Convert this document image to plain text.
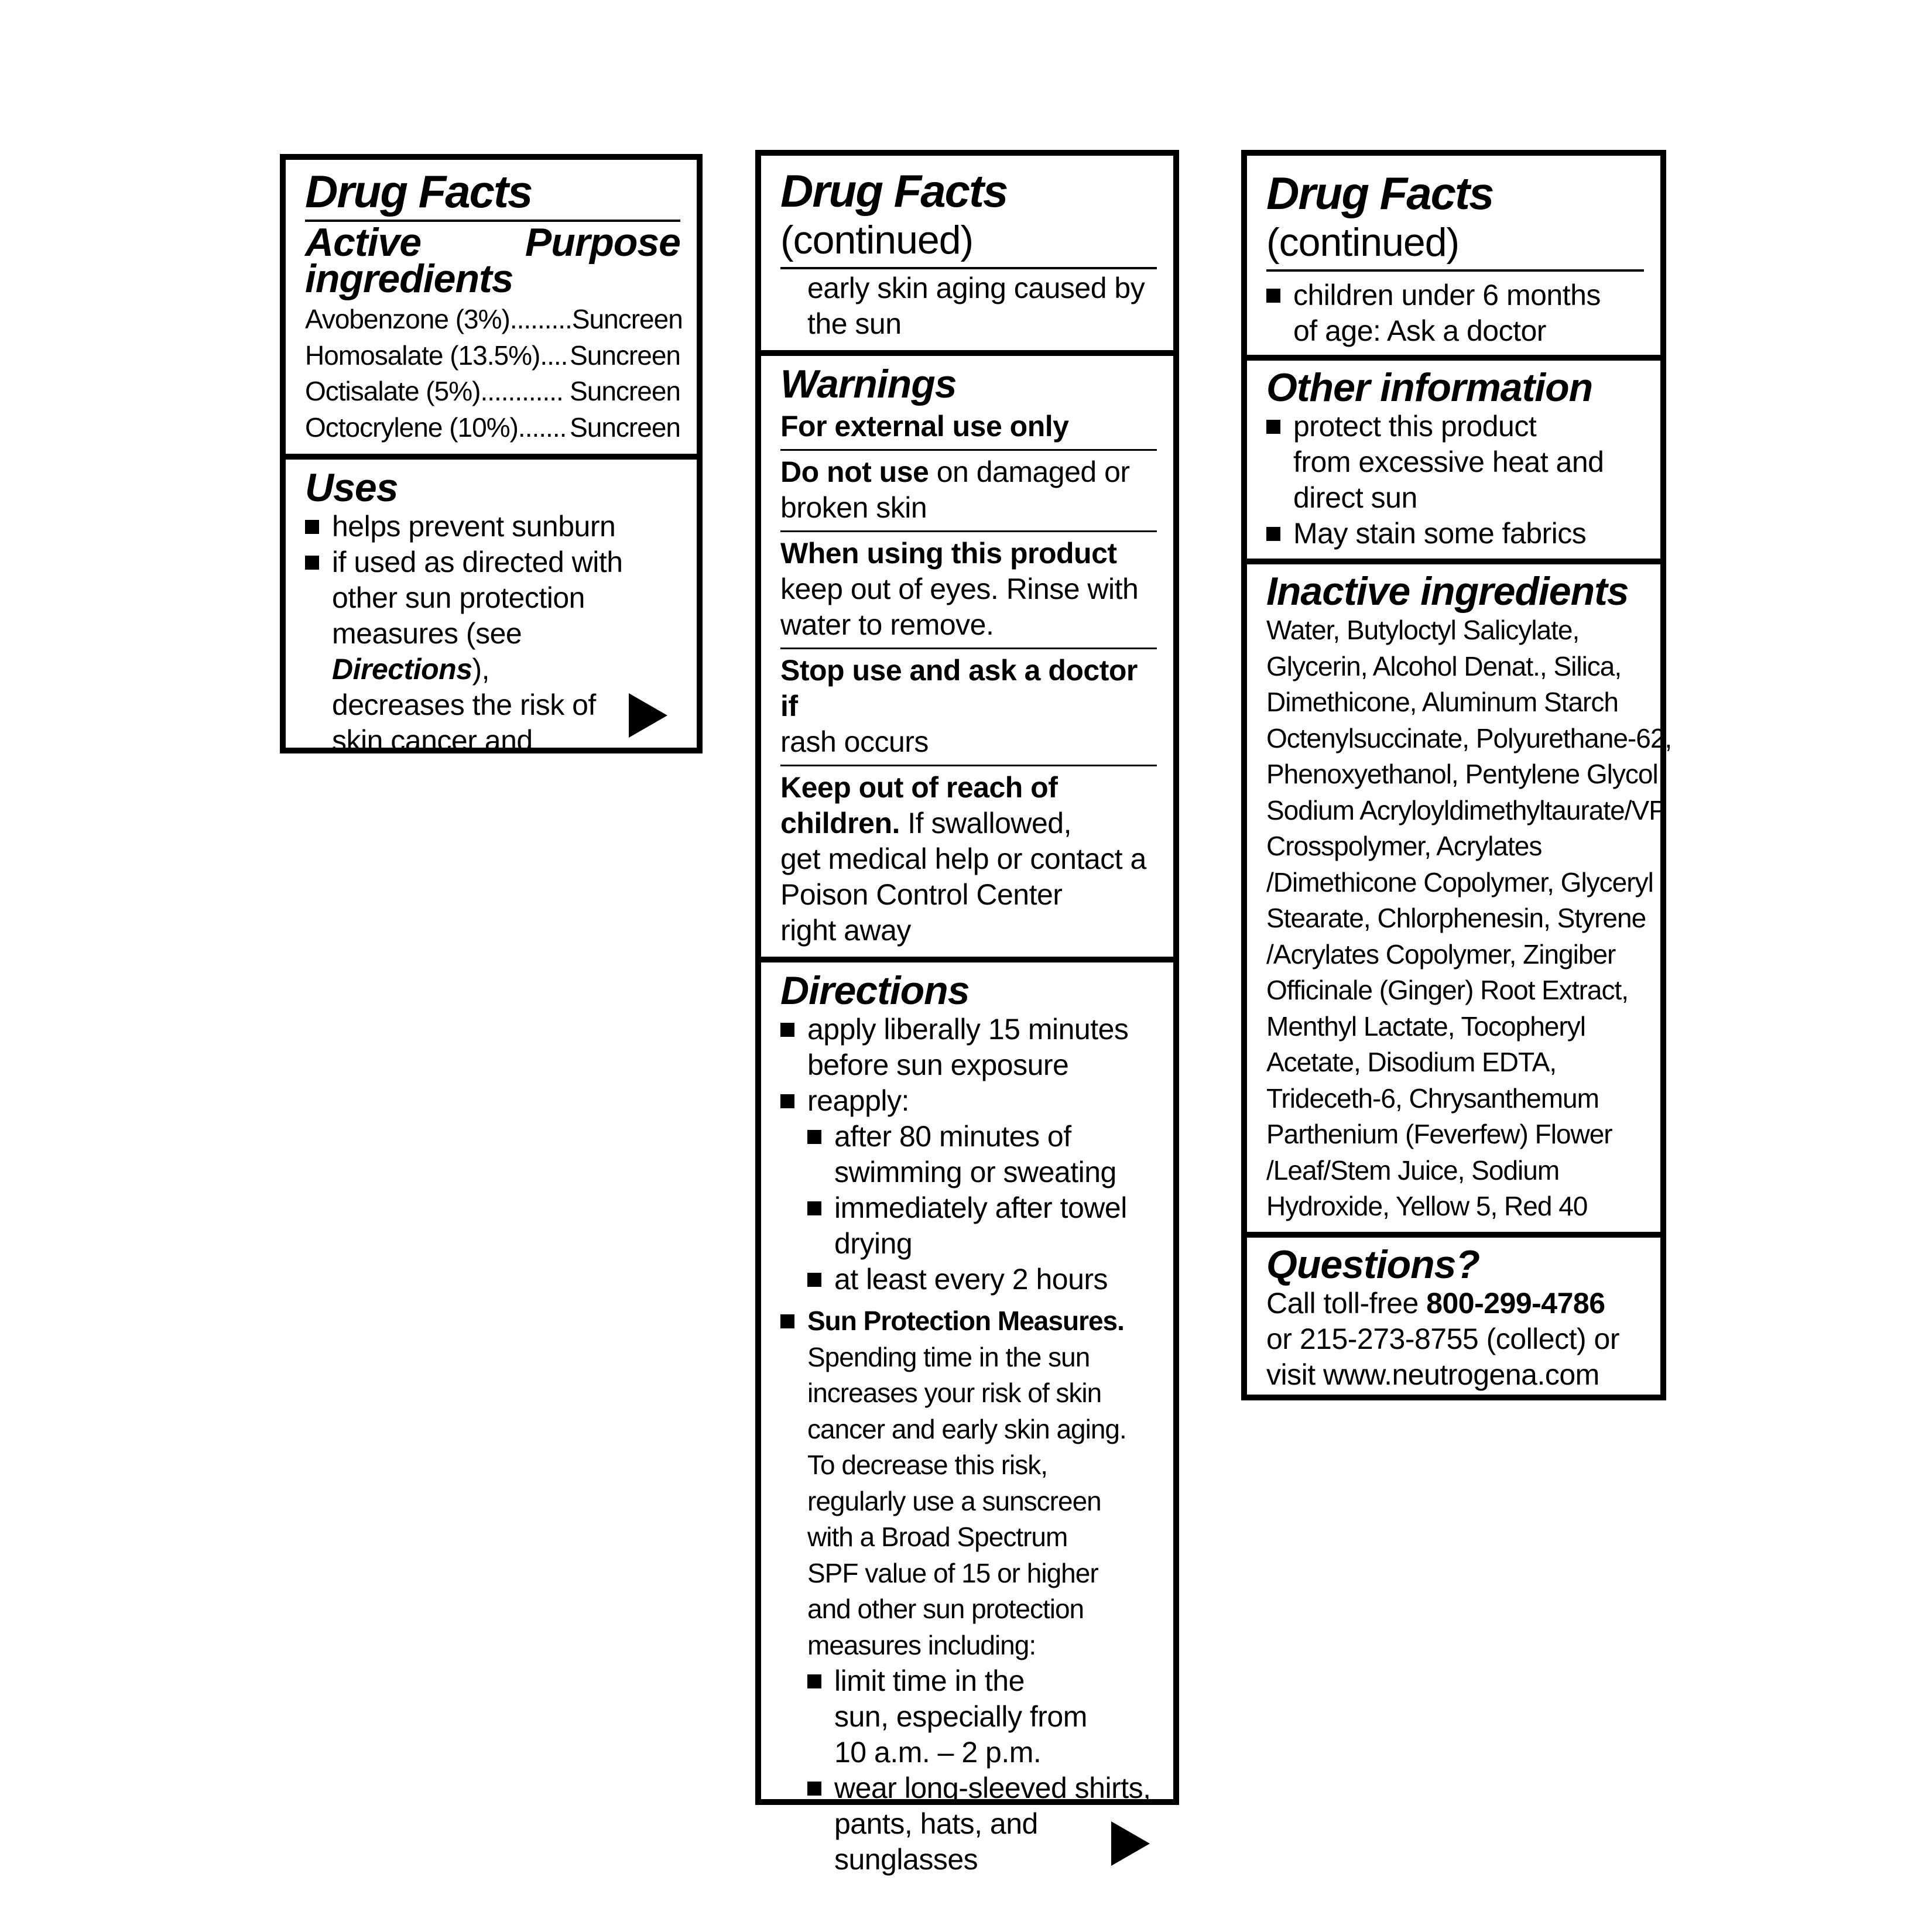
Drug Facts
Active ingredients
Purpose
Avobenzone (3%)......... Suncreen
Homosalate (13.5%).... Suncreen
Octisalate (5%)............ Suncreen
Octocrylene (10%)....... Suncreen
Uses
helps prevent sunburn
if used as directed with
other sun protection
measures (see Directions),
decreases the risk of
skin cancer and
Drug Facts (continued)
early skin aging caused by
the sun
Warnings
For external use only
Do not use on damaged or
broken skin
When using this product
keep out of eyes. Rinse with
water to remove.
Stop use and ask a doctor if
rash occurs
Keep out of reach of
children. If swallowed,
get medical help or contact a
Poison Control Center
right away
Directions
apply liberally 15 minutes
before sun exposure
reapply:
after 80 minutes of
swimming or sweating
immediately after towel
drying
at least every 2 hours
Sun Protection Measures.
Spending time in the sun
increases your risk of skin
cancer and early skin aging.
To decrease this risk,
regularly use a sunscreen
with a Broad Spectrum
SPF value of 15 or higher
and other sun protection
measures including:
limit time in the
sun, especially from
10 a.m. – 2 p.m.
wear long-sleeved shirts,
pants, hats, and
sunglasses
Drug Facts (continued)
children under 6 months
of age: Ask a doctor
Other information
protect this product
from excessive heat and
direct sun
May stain some fabrics
Inactive ingredients
Water, Butyloctyl Salicylate,
Glycerin, Alcohol Denat., Silica,
Dimethicone, Aluminum Starch
Octenylsuccinate, Polyurethane-62,
Phenoxyethanol, Pentylene Glycol,
Sodium Acryloyldimethyltaurate/VP
Crosspolymer, Acrylates
/Dimethicone Copolymer, Glyceryl
Stearate, Chlorphenesin, Styrene
/Acrylates Copolymer, Zingiber
Officinale (Ginger) Root Extract,
Menthyl Lactate, Tocopheryl
Acetate, Disodium EDTA,
Trideceth-6, Chrysanthemum
Parthenium (Feverfew) Flower
/Leaf/Stem Juice, Sodium
Hydroxide, Yellow 5, Red 40
Questions?
Call toll-free 800-299-4786
or 215-273-8755 (collect) or
visit www.neutrogena.com
